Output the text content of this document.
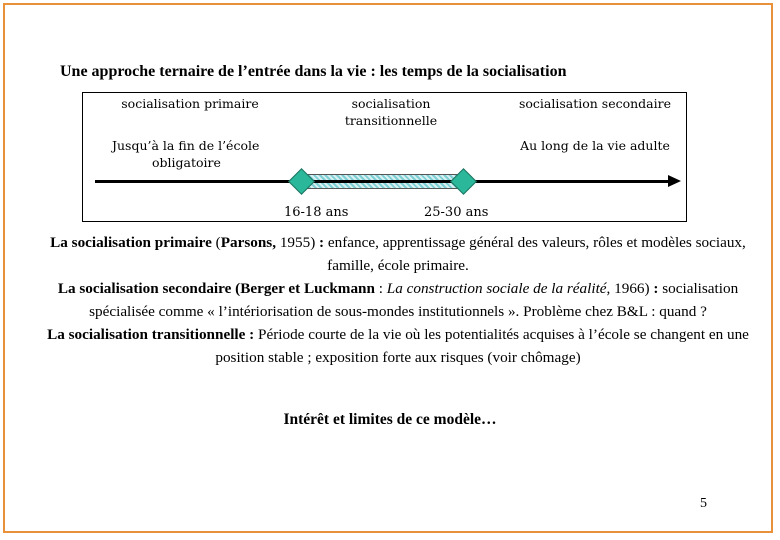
Une approche ternaire de l’entrée dans la vie : les temps de la socialisation
socialisation primaire	socialisation
transitionnelle
socialisation secondaire
Jusqu’à la fin de l’école
obligatoire
Au long de la vie adulte
16-18 ans	25-30 ans
La socialisation primaire (Parsons, 1955) : enfance, apprentissage général des valeurs, rôles et modèles sociaux, famille, école primaire.
La socialisation secondaire (Berger et Luckmann : La construction sociale de la réalité, 1966) : socialisation spécialisée comme « l’intériorisation de sous-mondes institutionnels ». Problème chez B&L : quand ?
La socialisation transitionnelle : Période courte de la vie où les potentialités acquises à l’école se changent en une position stable ; exposition forte aux risques (voir chômage)
Intérêt et limites de ce modèle…
5
